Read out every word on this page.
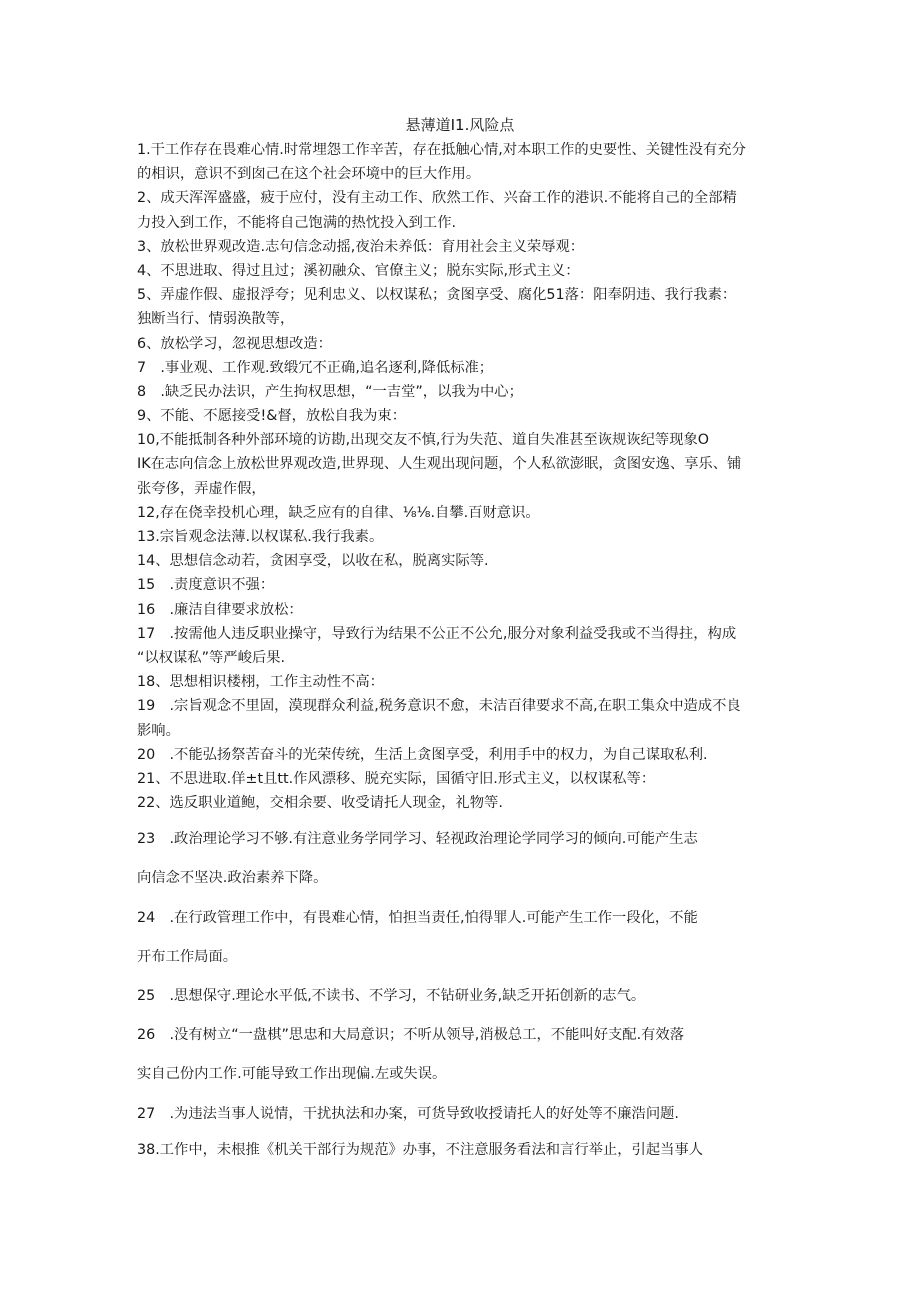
悬薄道I1.风险点
1.干工作存在畏难心情.时常埋怨工作辛苦，存在抵触心情,对本职工作的史要性、关键性没有充分
的相识，意识不到囱己在这个社会环境中的巨大作用。
2、成天浑浑盛盛，疲于应付，没有主动工作、欣然工作、兴奋工作的港识.不能将自己的全部精
力投入到工作，不能将自己饱满的热忱投入到工作.
3、放松世界观改造.志句信念动摇,夜治未养低：育用社会主义荣辱观：
4、不思进取、得过且过；溪初融众、官僚主义；脱东实际,形式主义：
5、弄虚作假、虚报浮夸；见利忠义、以权谋私；贪图享受、腐化51落：阳奉阴违、我行我素：
独断当行、情弱涣散等，
6、放松学习，忽视思想改造：
7　.事业观、工作观.致缎冗不正确,追名逐利,降低标准；
8　.缺乏民办法识，产生拘权思想，“一吉堂”，以我为中心；
9、不能、不愿接受!&督，放松自我为束：
10,不能抵制各种外部环境的访勘,出现交友不慎,行为失范、道自失准甚至诙规诙纪等现象O
IK在志向信念上放松世界观改造,世界现、人生观出现问题，个人私欲澎眠，贪图安逸、享乐、铺
张夸侈，弄虚作假，
12,存在侥幸投机心理，缺乏应有的自律、⅛⅛.自攀.百财意识。
13.宗旨观念法薄.以权谋私.我行我素。
14、思想信念动若，贪困享受，以收在私，脱离实际等.
15　.责度意识不强：
16　.廉洁自律要求放松：
17　.按需他人违反职业操守，导致行为结果不公正不公允,服分对象利益受我或不当得拄，构成
“以权谋私”等严峻后果.
18、思想相识楼栩，工作主动性不高：
19　.宗旨观念不里固，漠现群众利益,税务意识不愈，未洁百律要求不高,在职工集众中造成不良
影响。
20　.不能弘扬祭苦奋斗的光荣传统，生活上贪图享受，利用手中的权力，为自己谋取私利.
21、不思进取.佯±t且tt.作风漂移、脱充实际，国循守旧.形式主义，以权谋私等：
22、选反职业道鲍，交相余要、收受请托人现金，礼物等.
23　.政治理论学习不够.有注意业务学同学习、轻视政治理论学同学习的倾向.可能产生志
向信念不坚决.政治素养下降。
24　.在行政管理工作中，有畏难心情，怕担当责任,怕得罪人.可能产生工作一段化，不能
开布工作局面。
25　.思想保守.理论水平低,不读书、不学习，不钻研业务,缺乏开拓创新的志气。
26　.没有树立“一盘棋”思忠和大局意识；不听从领导,消极总工，不能叫好支配.有效落
实自己份内工作.可能导致工作出现偏.左或失误。
27　.为违法当事人说情，干扰执法和办案，可货导致收授请托人的好处等不廉浩问题.
38.工作中，未根推《机关干部行为规范》办事，不注意服务看法和言行举止，引起当事人
